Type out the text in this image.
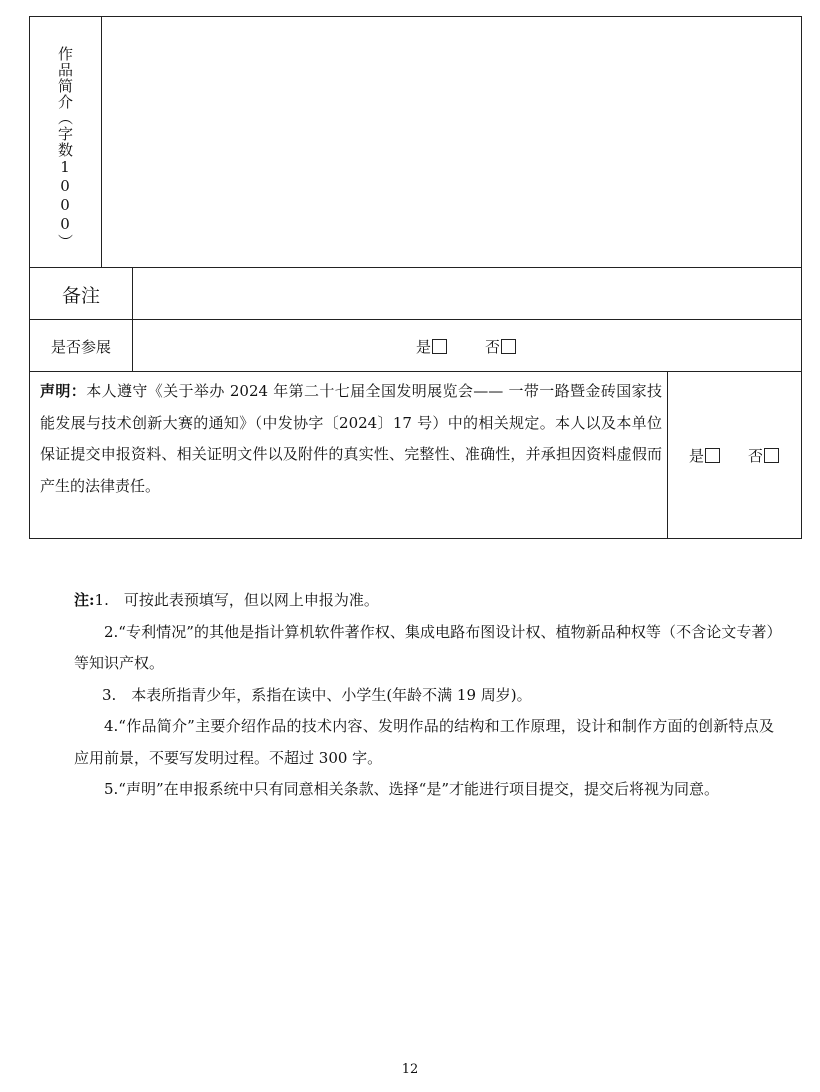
作品简介（字数1000）
备注
是否参展	是	否
声明：本人遵守《关于举办 2024 年第二十七届全国发明展览会—— 一带一路暨金砖国家技能发展与技术创新大赛的通知》（中发协字〔2024〕17 号）中的相关规定。本人以及本单位保证提交申报资料、相关证明文件以及附件的真实性、完整性、准确性，并承担因资料虚假而产生的法律责任。
是	否

注:1.　可按此表预填写，但以网上申报为准。

2.“专利情况”的其他是指计算机软件著作权、集成电路布图设计权、植物新品种权等（不含论文专著）等知识产权。

3.　本表所指青少年，系指在读中、小学生(年龄不满 19 周岁)。

4.“作品简介”主要介绍作品的技术内容、发明作品的结构和工作原理，设计和制作方面的创新特点及应用前景，不要写发明过程。不超过 300 字。

5.“声明”在申报系统中只有同意相关条款、选择“是”才能进行项目提交，提交后将视为同意。

12
